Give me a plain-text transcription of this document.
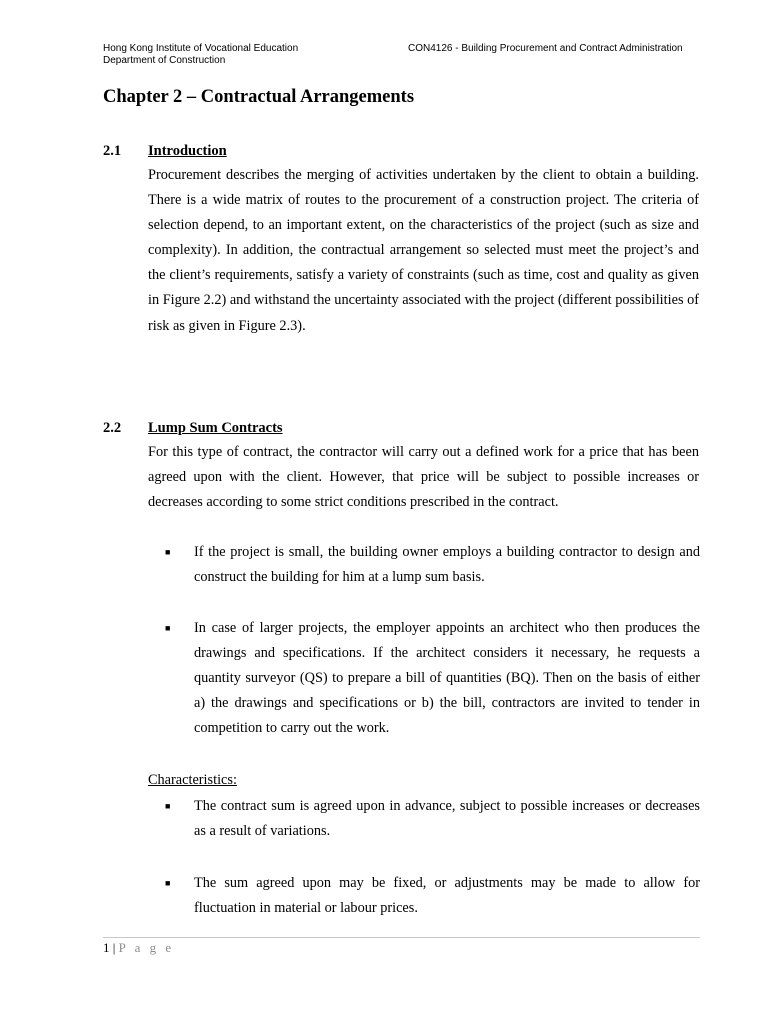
Hong Kong Institute of Vocational Education
Department of Construction
CON4126 - Building Procurement and Contract Administration
Chapter 2 – Contractual Arrangements
2.1 Introduction

Procurement describes the merging of activities undertaken by the client to obtain a building. There is a wide matrix of routes to the procurement of a construction project. The criteria of selection depend, to an important extent, on the characteristics of the project (such as size and complexity). In addition, the contractual arrangement so selected must meet the project’s and the client’s requirements, satisfy a variety of constraints (such as time, cost and quality as given in Figure 2.2) and withstand the uncertainty associated with the project (different possibilities of risk as given in Figure 2.3).

2.2 Lump Sum Contracts

For this type of contract, the contractor will carry out a defined work for a price that has been agreed upon with the client. However, that price will be subject to possible increases or decreases according to some strict conditions prescribed in the contract.

■ If the project is small, the building owner employs a building contractor to design and construct the building for him at a lump sum basis.

■ In case of larger projects, the employer appoints an architect who then produces the drawings and specifications. If the architect considers it necessary, he requests a quantity surveyor (QS) to prepare a bill of quantities (BQ). Then on the basis of either a) the drawings and specifications or b) the bill, contractors are invited to tender in competition to carry out the work.

Characteristics:
■ The contract sum is agreed upon in advance, subject to possible increases or decreases as a result of variations.

■ The sum agreed upon may be fixed, or adjustments may be made to allow for fluctuation in material or labour prices.

1 | P a g e
